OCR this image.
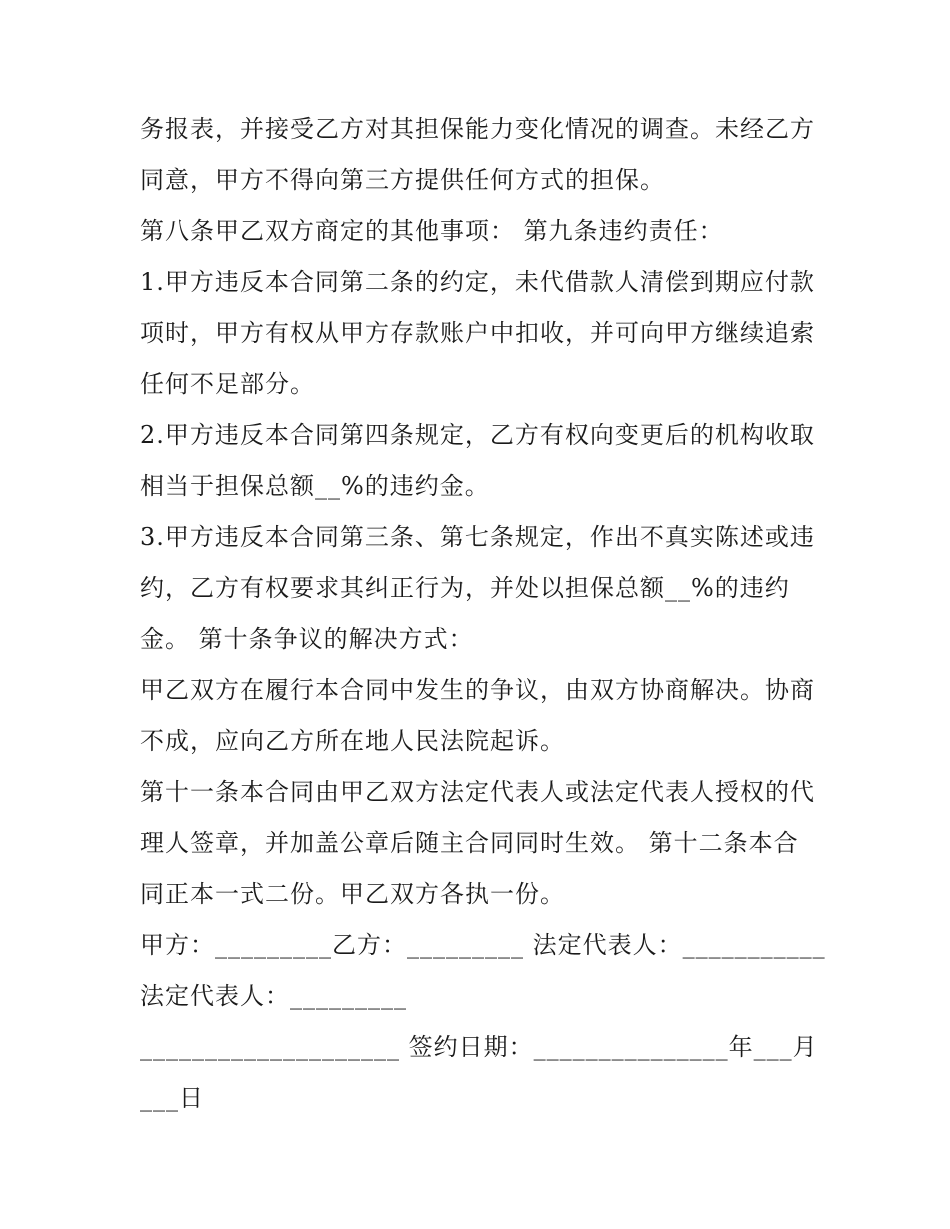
务报表，并接受乙方对其担保能力变化情况的调查。未经乙方
同意，甲方不得向第三方提供任何方式的担保。
第八条甲乙双方商定的其他事项： 第九条违约责任：
1.甲方违反本合同第二条的约定，未代借款人清偿到期应付款
项时，甲方有权从甲方存款账户中扣收，并可向甲方继续追索
任何不足部分。
2.甲方违反本合同第四条规定，乙方有权向变更后的机构收取
相当于担保总额__%的违约金。
3.甲方违反本合同第三条、第七条规定，作出不真实陈述或违
约，乙方有权要求其纠正行为，并处以担保总额__%的违约
金。 第十条争议的解决方式：
甲乙双方在履行本合同中发生的争议，由双方协商解决。协商
不成，应向乙方所在地人民法院起诉。
第十一条本合同由甲乙双方法定代表人或法定代表人授权的代
理人签章，并加盖公章后随主合同同时生效。 第十二条本合
同正本一式二份。甲乙双方各执一份。
甲方：_________乙方：_________ 法定代表人：___________
法定代表人：_________
____________________ 签约日期：_______________年___月
___日
